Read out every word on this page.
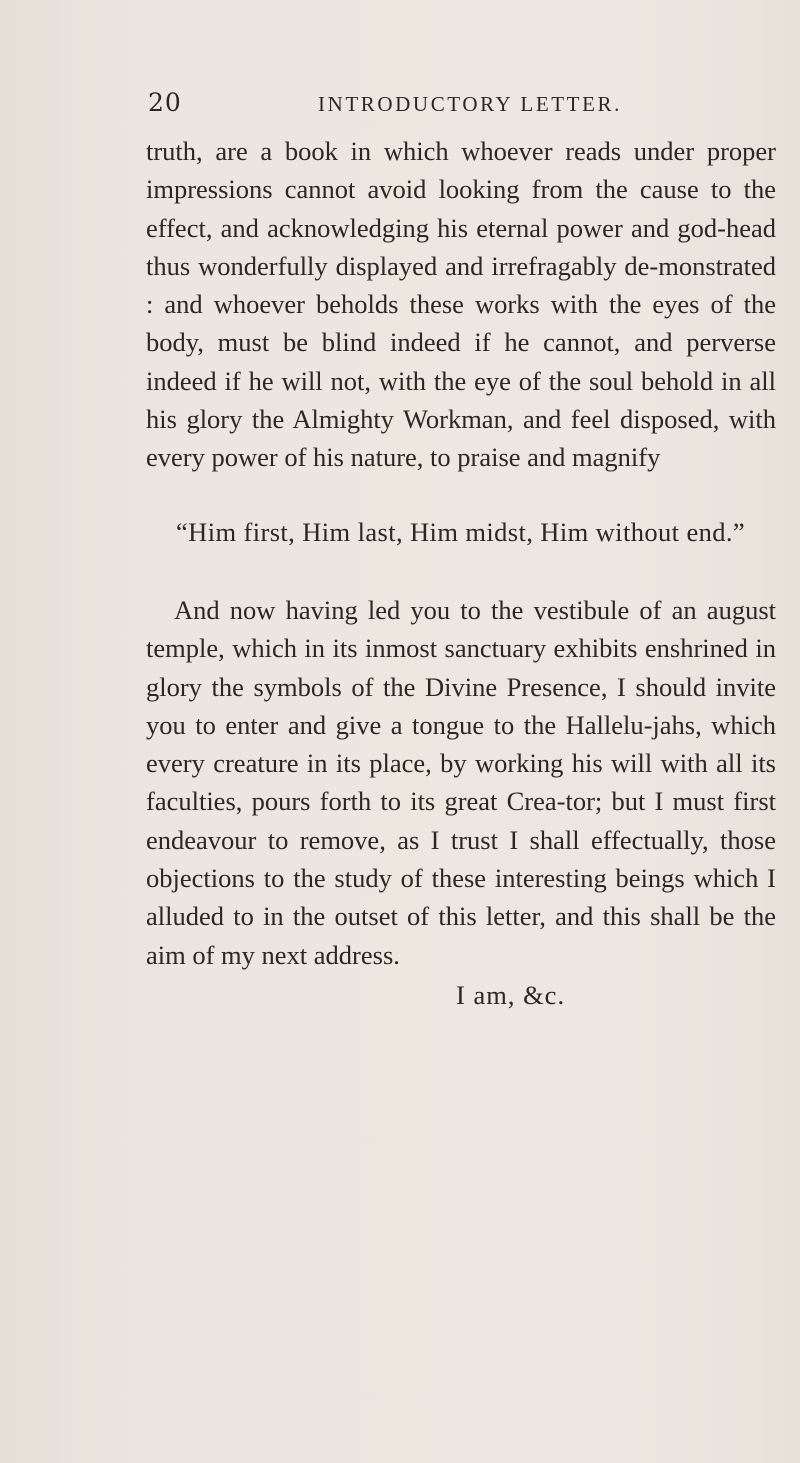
20	INTRODUCTORY LETTER.

truth, are a book in which whoever reads under proper impressions cannot avoid looking from the cause to the effect, and acknowledging his eternal power and god-head thus wonderfully displayed and irrefragably de-monstrated : and whoever beholds these works with the eyes of the body, must be blind indeed if he cannot, and perverse indeed if he will not, with the eye of the soul behold in all his glory the Almighty Workman, and feel disposed, with every power of his nature, to praise and magnify

“Him first, Him last, Him midst, Him without end.”

And now having led you to the vestibule of an august temple, which in its inmost sanctuary exhibits enshrined in glory the symbols of the Divine Presence, I should invite you to enter and give a tongue to the Hallelu-jahs, which every creature in its place, by working his will with all its faculties, pours forth to its great Crea-tor; but I must first endeavour to remove, as I trust I shall effectually, those objections to the study of these interesting beings which I alluded to in the outset of this letter, and this shall be the aim of my next address.

I am, &c.
